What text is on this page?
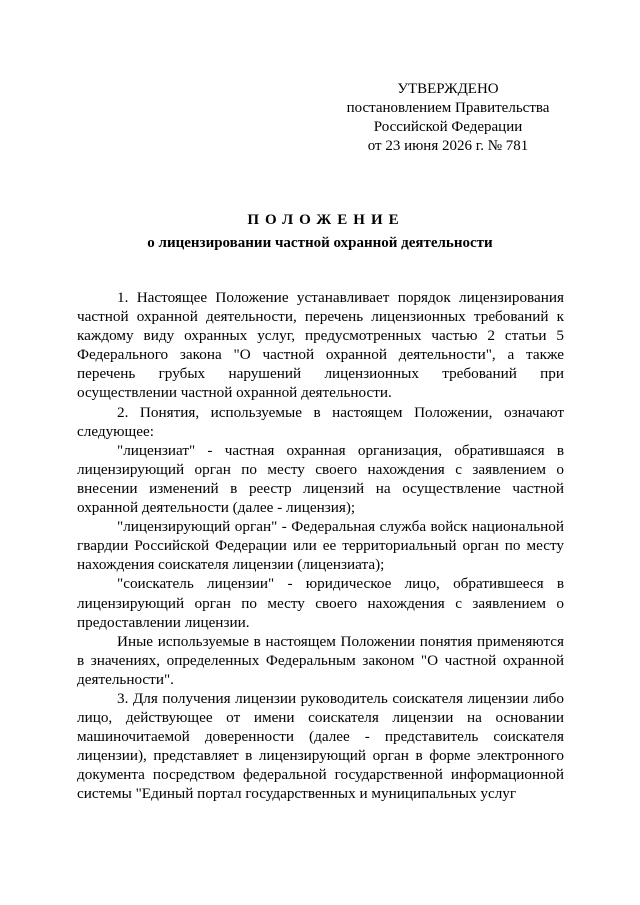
УТВЕРЖДЕНО
постановлением Правительства
Российской Федерации
от 23 июня 2026 г. № 781
ПОЛОЖЕНИЕ
о лицензировании частной охранной деятельности

1. Настоящее Положение устанавливает порядок лицензирования частной охранной деятельности, перечень лицензионных требований к каждому виду охранных услуг, предусмотренных частью 2 статьи 5 Федерального закона "О частной охранной деятельности", а также перечень грубых нарушений лицензионных требований при осуществлении частной охранной деятельности.

2. Понятия, используемые в настоящем Положении, означают следующее:

"лицензиат" - частная охранная организация, обратившаяся в лицензирующий орган по месту своего нахождения с заявлением о внесении изменений в реестр лицензий на осуществление частной охранной деятельности (далее - лицензия);

"лицензирующий орган" - Федеральная служба войск национальной гвардии Российской Федерации или ее территориальный орган по месту нахождения соискателя лицензии (лицензиата);

"соискатель лицензии" - юридическое лицо, обратившееся в лицензирующий орган по месту своего нахождения с заявлением о предоставлении лицензии.

Иные используемые в настоящем Положении понятия применяются в значениях, определенных Федеральным законом "О частной охранной деятельности".

3. Для получения лицензии руководитель соискателя лицензии либо лицо, действующее от имени соискателя лицензии на основании машиночитаемой доверенности (далее - представитель соискателя лицензии), представляет в лицензирующий орган в форме электронного документа посредством федеральной государственной информационной системы "Единый портал государственных и муниципальных услуг
